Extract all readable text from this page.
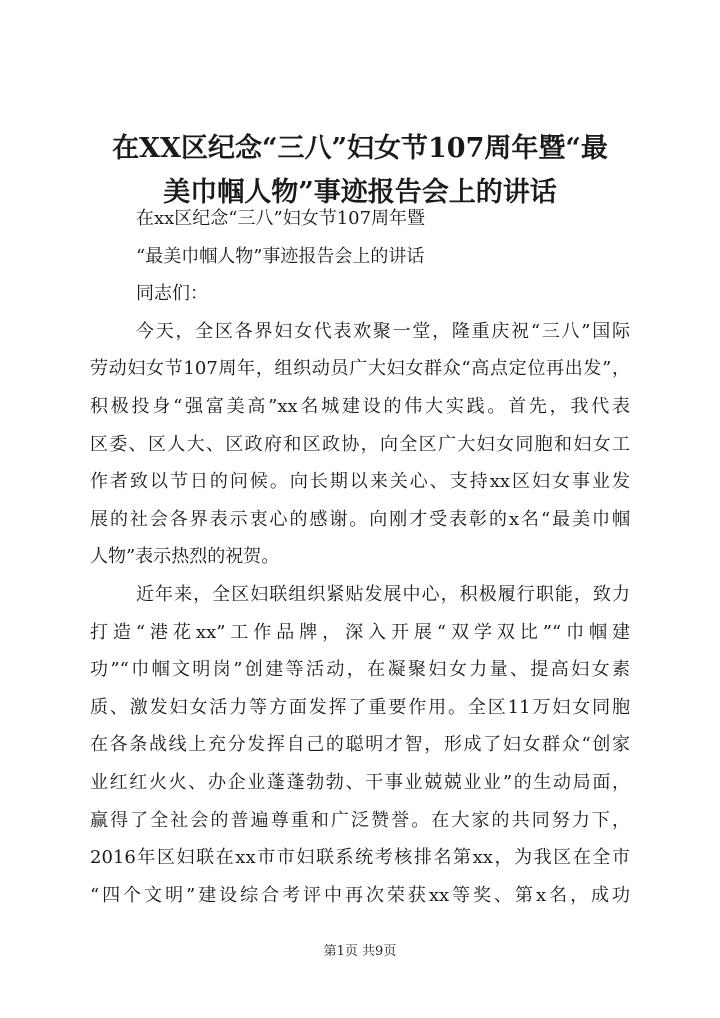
在XX区纪念“三八”妇女节107周年暨“最
美巾帼人物”事迹报告会上的讲话
在xx区纪念“三八”妇女节107周年暨
“最美巾帼人物”事迹报告会上的讲话
同志们：
今天，全区各界妇女代表欢聚一堂，隆重庆祝“三八”国际
劳动妇女节107周年，组织动员广大妇女群众“高点定位再出发”，
积极投身“强富美高”xx名城建设的伟大实践。首先，我代表
区委、区人大、区政府和区政协，向全区广大妇女同胞和妇女工
作者致以节日的问候。向长期以来关心、支持xx区妇女事业发
展的社会各界表示衷心的感谢。向刚才受表彰的x名“最美巾帼
人物”表示热烈的祝贺。
近年来，全区妇联组织紧贴发展中心，积极履行职能，致力
打造“港花xx”工作品牌，深入开展“双学双比”“巾帼建
功”“巾帼文明岗”创建等活动，在凝聚妇女力量、提高妇女素
质、激发妇女活力等方面发挥了重要作用。全区11万妇女同胞
在各条战线上充分发挥自己的聪明才智，形成了妇女群众“创家
业红红火火、办企业蓬蓬勃勃、干事业兢兢业业”的生动局面，
赢得了全社会的普遍尊重和广泛赞誉。在大家的共同努力下，
2016年区妇联在xx市市妇联系统考核排名第xx，为我区在全市
“四个文明”建设综合考评中再次荣获xx等奖、第x名，成功
第1页 共9页
